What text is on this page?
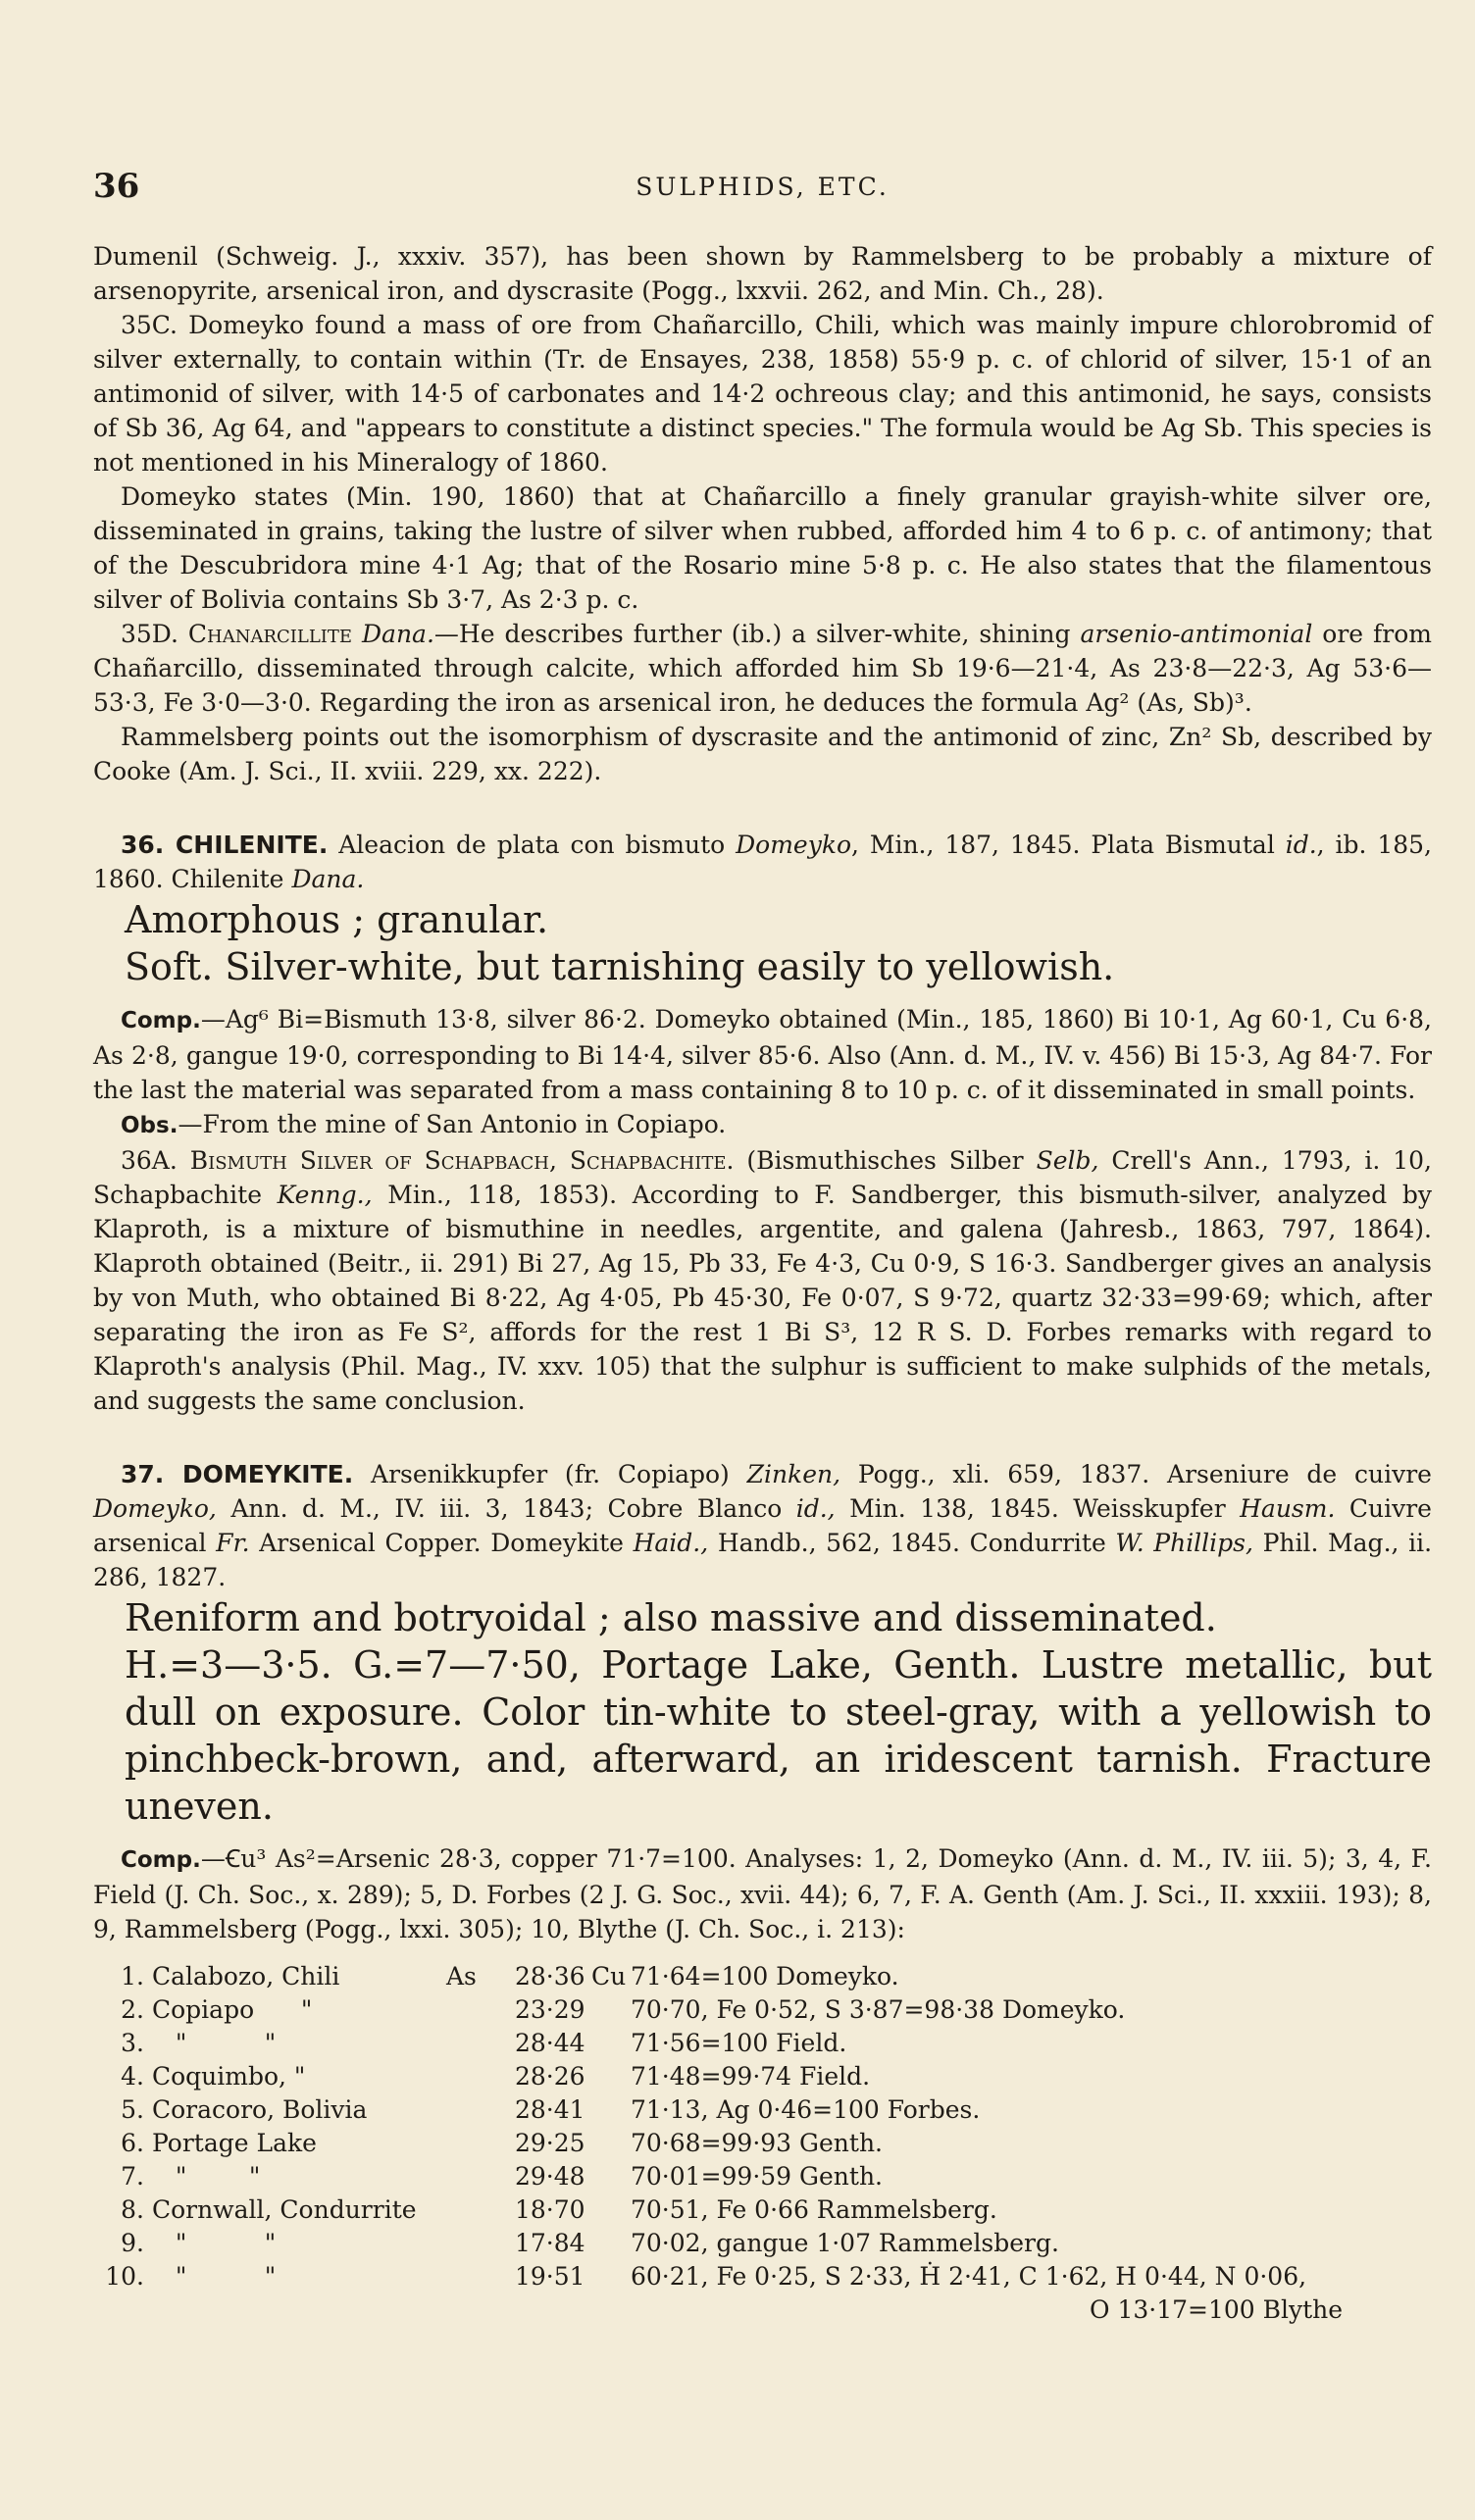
36	SULPHIDS, ETC.

Dumenil (Schweig. J., xxxiv. 357), has been shown by Rammelsberg to be probably a mixture of arsenopyrite, arsenical iron, and dyscrasite (Pogg., lxxvii. 262, and Min. Ch., 28).

35C. Domeyko found a mass of ore from Chañarcillo, Chili, which was mainly impure chlorobromid of silver externally, to contain within (Tr. de Ensayes, 238, 1858) 55·9 p. c. of chlorid of silver, 15·1 of an antimonid of silver, with 14·5 of carbonates and 14·2 ochreous clay; and this antimonid, he says, consists of Sb 36, Ag 64, and "appears to constitute a distinct species." The formula would be Ag Sb. This species is not mentioned in his Mineralogy of 1860.

Domeyko states (Min. 190, 1860) that at Chañarcillo a finely granular grayish-white silver ore, disseminated in grains, taking the lustre of silver when rubbed, afforded him 4 to 6 p. c. of antimony; that of the Descubridora mine 4·1 Ag; that of the Rosario mine 5·8 p. c. He also states that the filamentous silver of Bolivia contains Sb 3·7, As 2·3 p. c.

35D. Chanarcillite Dana.—He describes further (ib.) a silver-white, shining arsenio-antimonial ore from Chañarcillo, disseminated through calcite, which afforded him Sb 19·6—21·4, As 23·8—22·3, Ag 53·6—53·3, Fe 3·0—3·0. Regarding the iron as arsenical iron, he deduces the formula Ag² (As, Sb)³.

Rammelsberg points out the isomorphism of dyscrasite and the antimonid of zinc, Zn² Sb, described by Cooke (Am. J. Sci., II. xviii. 229, xx. 222).

36. CHILENITE. Aleacion de plata con bismuto Domeyko, Min., 187, 1845. Plata Bismutal id., ib. 185, 1860. Chilenite Dana.

Amorphous ; granular.

Soft. Silver-white, but tarnishing easily to yellowish.

Comp.—Ag⁶ Bi=Bismuth 13·8, silver 86·2. Domeyko obtained (Min., 185, 1860) Bi 10·1, Ag 60·1, Cu 6·8, As 2·8, gangue 19·0, corresponding to Bi 14·4, silver 85·6. Also (Ann. d. M., IV. v. 456) Bi 15·3, Ag 84·7. For the last the material was separated from a mass containing 8 to 10 p. c. of it disseminated in small points.

Obs.—From the mine of San Antonio in Copiapo.

36A. Bismuth Silver of Schapbach, Schapbachite. (Bismuthisches Silber Selb, Crell's Ann., 1793, i. 10, Schapbachite Kenng., Min., 118, 1853). According to F. Sandberger, this bismuth-silver, analyzed by Klaproth, is a mixture of bismuthine in needles, argentite, and galena (Jahresb., 1863, 797, 1864). Klaproth obtained (Beitr., ii. 291) Bi 27, Ag 15, Pb 33, Fe 4·3, Cu 0·9, S 16·3. Sandberger gives an analysis by von Muth, who obtained Bi 8·22, Ag 4·05, Pb 45·30, Fe 0·07, S 9·72, quartz 32·33=99·69; which, after separating the iron as Fe S², affords for the rest 1 Bi S³, 12 R S. D. Forbes remarks with regard to Klaproth's analysis (Phil. Mag., IV. xxv. 105) that the sulphur is sufficient to make sulphids of the metals, and suggests the same conclusion.

37. DOMEYKITE. Arsenikkupfer (fr. Copiapo) Zinken, Pogg., xli. 659, 1837. Arseniure de cuivre Domeyko, Ann. d. M., IV. iii. 3, 1843; Cobre Blanco id., Min. 138, 1845. Weisskupfer Hausm. Cuivre arsenical Fr. Arsenical Copper. Domeykite Haid., Handb., 562, 1845. Condurrite W. Phillips, Phil. Mag., ii. 286, 1827.

Reniform and botryoidal ; also massive and disseminated.

H.=3—3·5. G.=7—7·50, Portage Lake, Genth. Lustre metallic, but dull on exposure. Color tin-white to steel-gray, with a yellowish to pinchbeck-brown, and, afterward, an iridescent tarnish. Fracture uneven.

Comp.—Ꞓu³ As²=Arsenic 28·3, copper 71·7=100. Analyses: 1, 2, Domeyko (Ann. d. M., IV. iii. 5); 3, 4, F. Field (J. Ch. Soc., x. 289); 5, D. Forbes (2 J. G. Soc., xvii. 44); 6, 7, F. A. Genth (Am. J. Sci., II. xxxiii. 193); 8, 9, Rammelsberg (Pogg., lxxi. 305); 10, Blythe (J. Ch. Soc., i. 213):

1.	Calabozo, Chili	As	28·36	Cu	71·64=100 Domeyko.
2.	Copiapo      "		23·29		70·70, Fe 0·52, S 3·87=98·38 Domeyko.
3.	"          "		28·44		71·56=100 Field.
4.	Coquimbo, "		28·26		71·48=99·74 Field.
5.	Coracoro, Bolivia		28·41		71·13, Ag 0·46=100 Forbes.
6.	Portage Lake		29·25		70·68=99·93 Genth.
7.	"        "		29·48		70·01=99·59 Genth.
8.	Cornwall, Condurrite		18·70		70·51, Fe 0·66 Rammelsberg.
9.	"          "		17·84		70·02, gangue 1·07 Rammelsberg.
10.	"          "		19·51		60·21, Fe 0·25, S 2·33, Ḣ 2·41, C 1·62, H 0·44, N 0·06,
O 13·17=100 Blythe
